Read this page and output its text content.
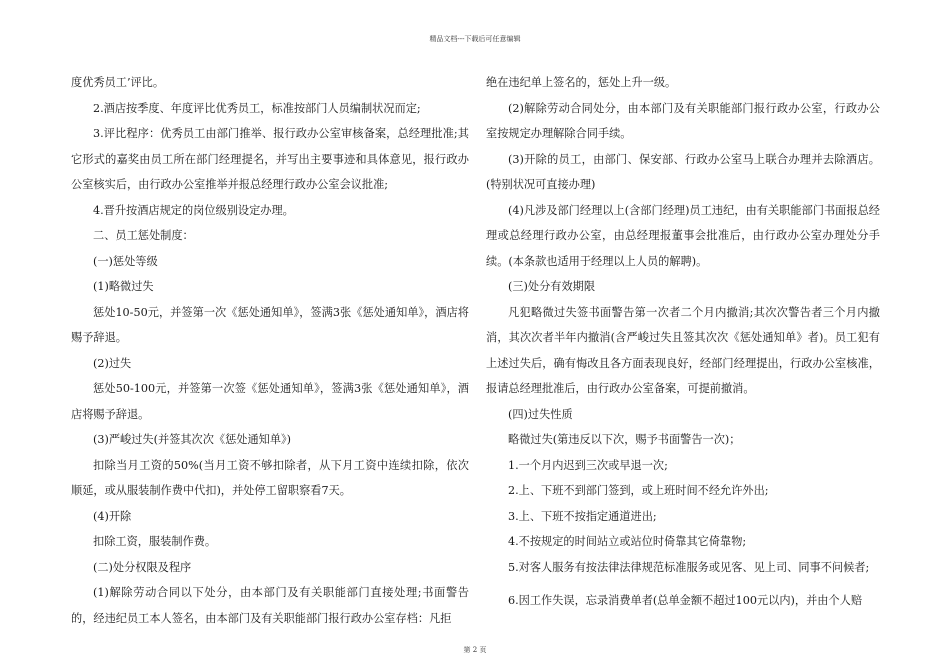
精品文档---下载后可任意编辑

度优秀员工’评比。

2.酒店按季度、年度评比优秀员工，标准按部门人员编制状况而定;

3.评比程序：优秀员工由部门推举、报行政办公室审核备案，总经理批准;其它形式的嘉奖由员工所在部门经理提名，并写出主要事迹和具体意见，报行政办公室核实后，由行政办公室推举并报总经理行政办公室会议批准;

4.晋升按酒店规定的岗位级别设定办理。

二、员工惩处制度：

(一)惩处等级

(1)略微过失

惩处10-50元，并签第一次《惩处通知单》，签满3张《惩处通知单》，酒店将赐予辞退。

(2)过失

惩处50-100元，并签第一次签《惩处通知单》，签满3张《惩处通知单》，酒店将赐予辞退。

(3)严峻过失(并签其次次《惩处通知单》)

扣除当月工资的50%(当月工资不够扣除者，从下月工资中连续扣除，依次顺延，或从服装制作费中代扣)，并处停工留职察看7天。

(4)开除

扣除工资，服装制作费。

(二)处分权限及程序

(1)解除劳动合同以下处分，由本部门及有关职能部门直接处理;书面警告的，经违纪员工本人签名，由本部门及有关职能部门报行政办公室存档：凡拒

绝在违纪单上签名的，惩处上升一级。

(2)解除劳动合同处分，由本部门及有关职能部门报行政办公室，行政办公室按规定办理解除合同手续。

(3)开除的员工，由部门、保安部、行政办公室马上联合办理并去除酒店。(特别状况可直接办理)

(4)凡涉及部门经理以上(含部门经理)员工违纪，由有关职能部门书面报总经理或总经理行政办公室，由总经理报董事会批准后，由行政办公室办理处分手续。(本条款也适用于经理以上人员的解聘)。

(三)处分有效期限

凡犯略微过失签书面警告第一次者二个月内撤消;其次次警告者三个月内撤消，其次次者半年内撤消(含严峻过失且签其次次《惩处通知单》者)。员工犯有上述过失后，确有悔改且各方面表现良好，经部门经理提出，行政办公室核准，报请总经理批准后，由行政办公室备案，可提前撤消。

(四)过失性质

略微过失(第违反以下次，赐予书面警告一次)；

1.一个月内迟到三次或早退一次;

2.上、下班不到部门签到，或上班时间不经允许外出;

3.上、下班不按指定通道进出;

4.不按规定的时间站立或站位时倚靠其它倚靠物;

5.对客人服务有按法律法律规范标准服务或见客、见上司、同事不问候者;

6.因工作失误，忘录消费单者(总单金额不超过100元以内)，并由个人赔

第 2 页
